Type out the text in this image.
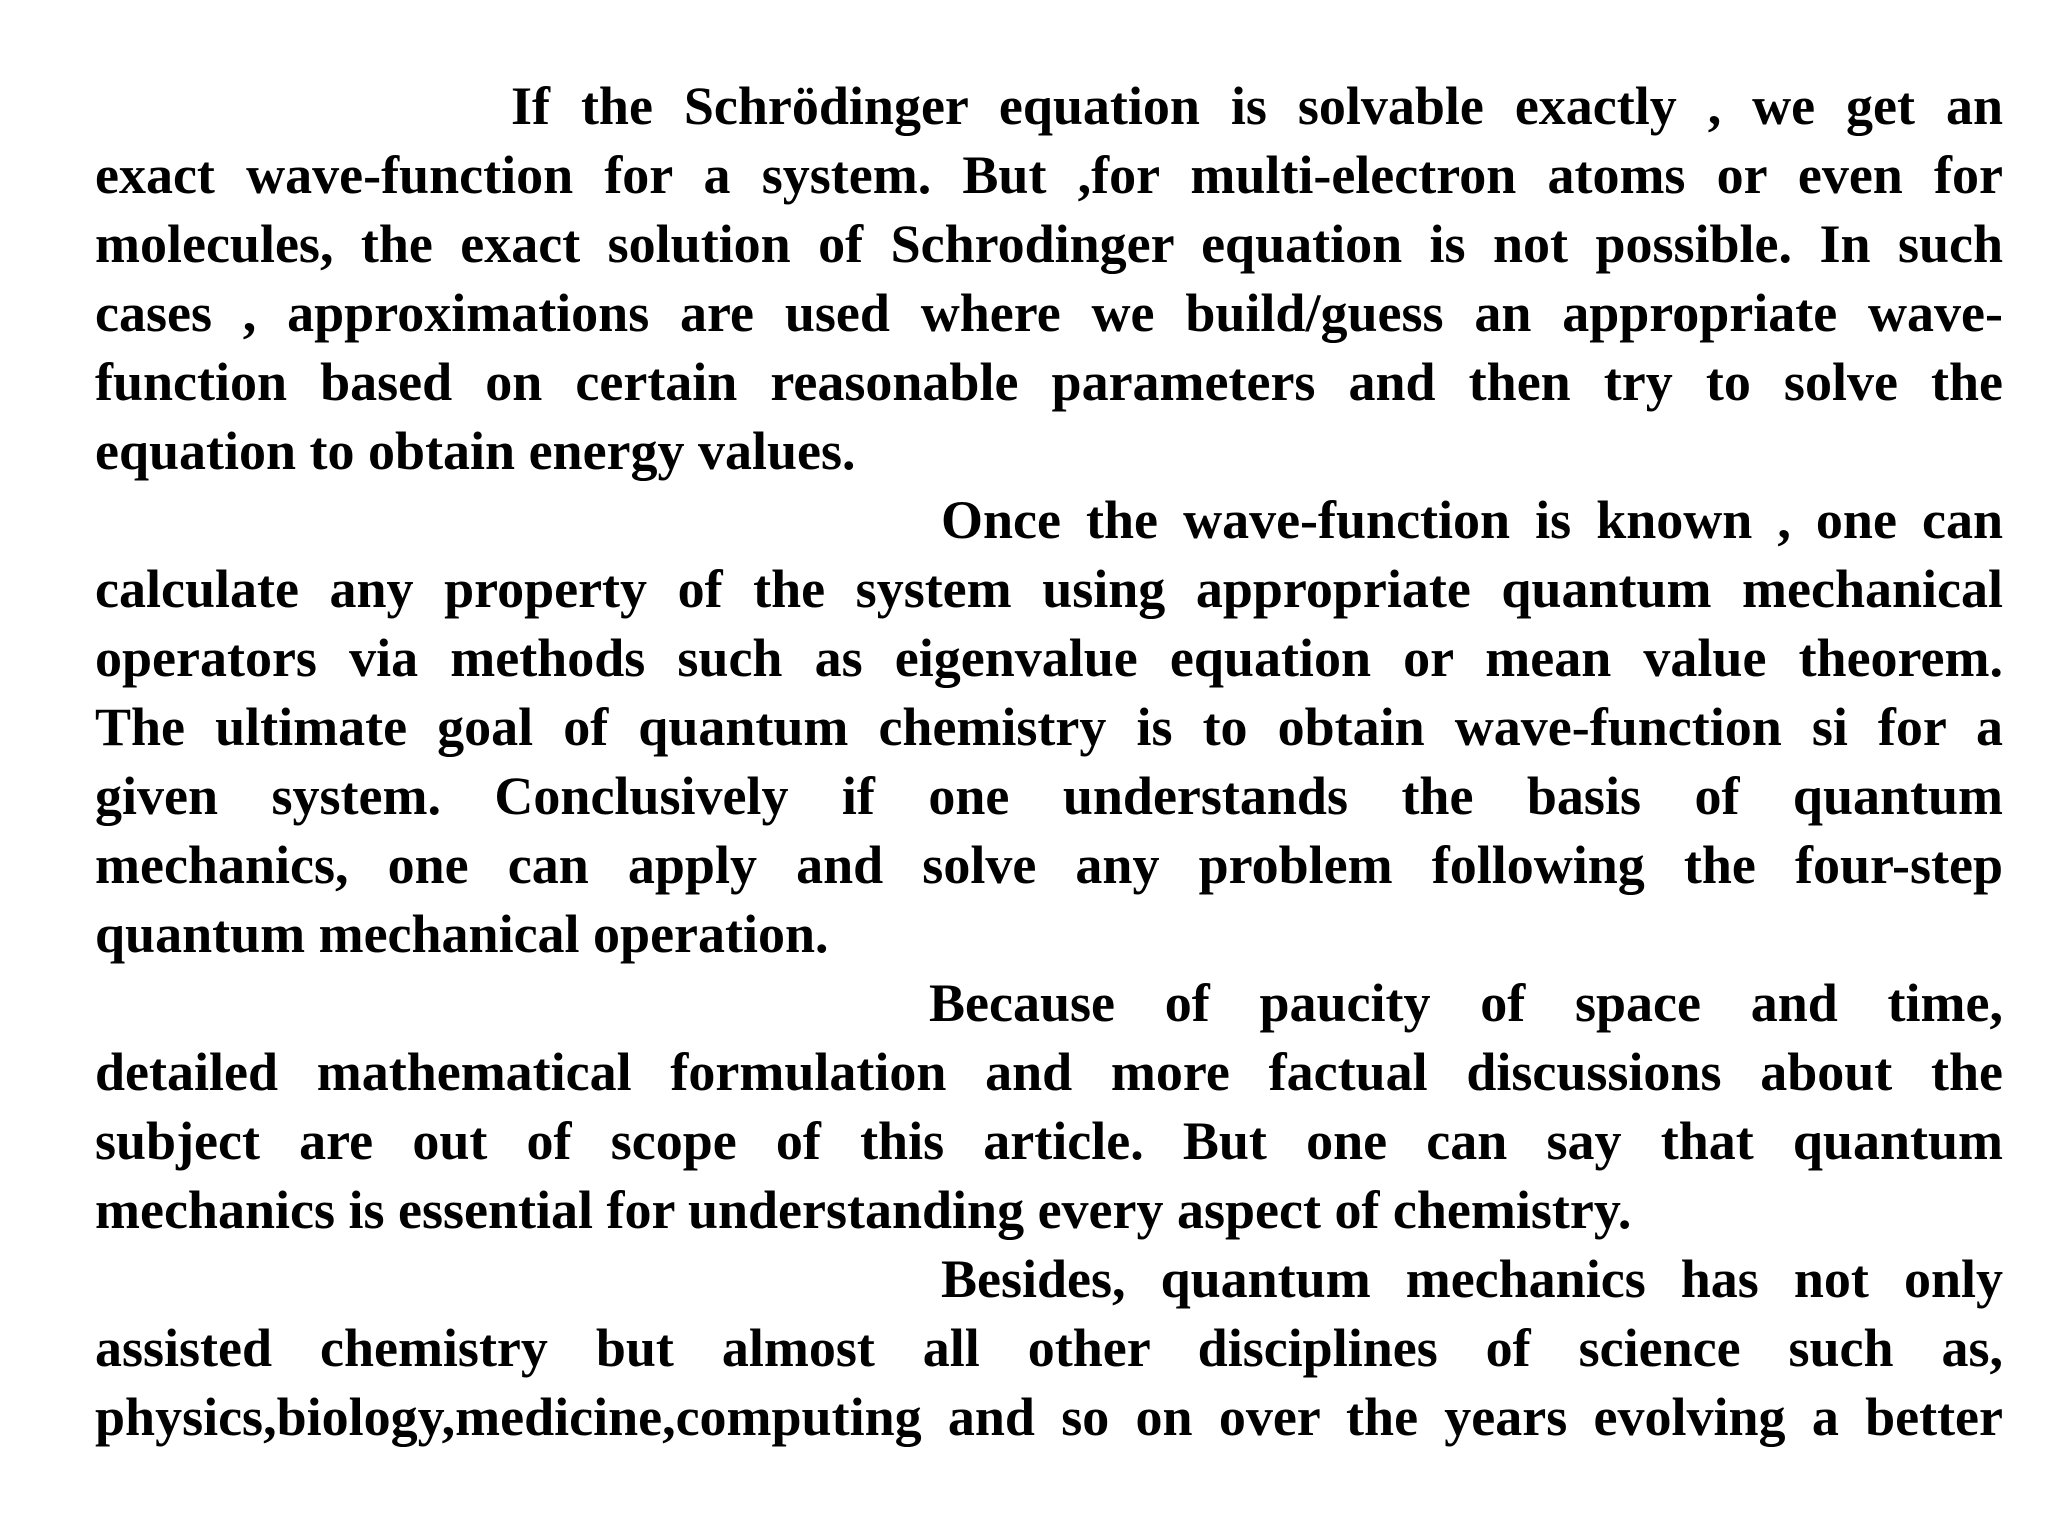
If the Schrödinger equation is solvable exactly , we get an
exact wave-function for a system. But ,for multi-electron atoms or even for
molecules, the exact solution of Schrodinger equation is not possible. In such
cases , approximations are used where we build/guess an appropriate wave-
function based on certain reasonable parameters and then try to solve the
equation to obtain energy values.

Once the wave-function is known , one can
calculate any property of the system using appropriate quantum mechanical
operators via methods such as eigenvalue equation or mean value theorem.
The ultimate goal of quantum chemistry is to obtain wave-function si for a
given system. Conclusively if one understands the basis of quantum
mechanics, one can apply and solve any problem following the four-step
quantum mechanical operation.

Because of paucity of space and time,
detailed mathematical formulation and more factual discussions about the
subject are out of scope of this article. But one can say that quantum
mechanics is essential for understanding every aspect of chemistry.

Besides, quantum mechanics has not only
assisted chemistry but almost all other disciplines of science such as,
physics,biology,medicine,computing and so on over the years evolving a better
